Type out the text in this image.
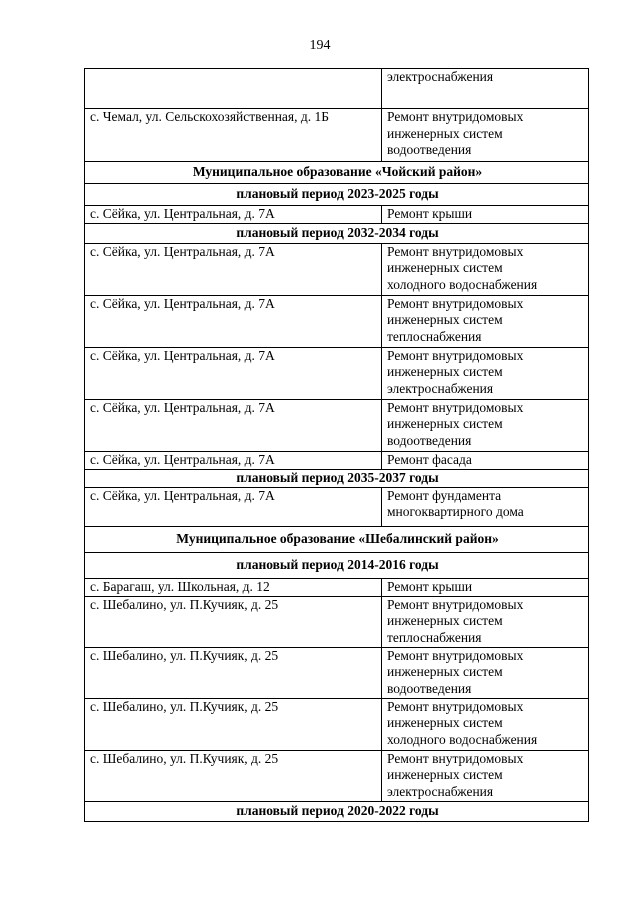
194

	электроснабжения

с. Чемал, ул. Сельскохозяйственная, д. 1Б	Ремонт внутридомовых
инженерных систем
водоотведения

Муниципальное образование «Чойский район»	
плановый период 2023-2025 годы	
с. Сёйка, ул. Центральная, д. 7А	Ремонт крыши

плановый период 2032-2034 годы	
с. Сёйка, ул. Центральная, д. 7А	Ремонт внутридомовых
инженерных систем
холодного водоснабжения

с. Сёйка, ул. Центральная, д. 7А	Ремонт внутридомовых
инженерных систем
теплоснабжения

с. Сёйка, ул. Центральная, д. 7А	Ремонт внутридомовых
инженерных систем
электроснабжения

с. Сёйка, ул. Центральная, д. 7А	Ремонт внутридомовых
инженерных систем
водоотведения

с. Сёйка, ул. Центральная, д. 7А	Ремонт фасада

плановый период 2035-2037 годы	
с. Сёйка, ул. Центральная, д. 7А	Ремонт фундамента
многоквартирного дома

Муниципальное образование «Шебалинский район»	
плановый период 2014-2016 годы	
с. Барагаш, ул. Школьная, д. 12	Ремонт крыши

с. Шебалино, ул. П.Кучияк, д. 25	Ремонт внутридомовых
инженерных систем
теплоснабжения

с. Шебалино, ул. П.Кучияк, д. 25	Ремонт внутридомовых
инженерных систем
водоотведения

с. Шебалино, ул. П.Кучияк, д. 25	Ремонт внутридомовых
инженерных систем
холодного водоснабжения

с. Шебалино, ул. П.Кучияк, д. 25	Ремонт внутридомовых
инженерных систем
электроснабжения

плановый период 2020-2022 годы	
